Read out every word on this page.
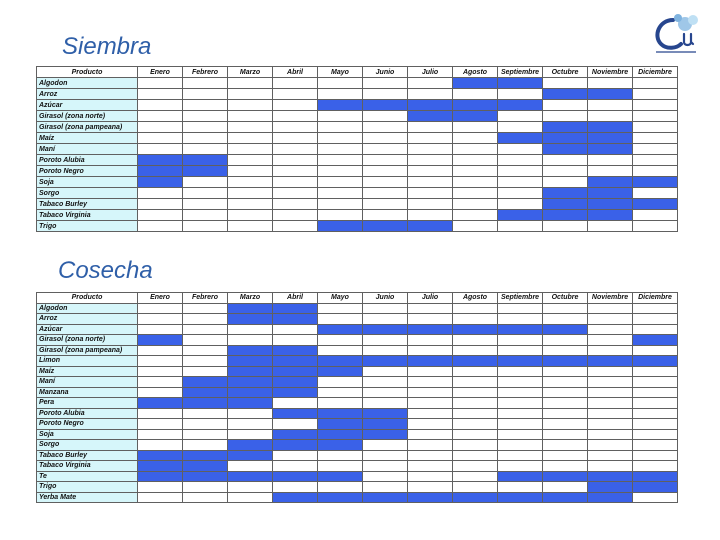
Siembra
Producto	Enero	Febrero	Marzo	Abril	Mayo	Junio	Julio	Agosto	Septiembre	Octubre	Noviembre	Diciembre
Algodon												
Arroz												
Azúcar												
Girasol (zona norte)												
Girasol (zona pampeana)												
Maíz												
Maní												
Poroto Alubia												
Poroto Negro												
Soja												
Sorgo												
Tabaco Burley												
Tabaco Virginia												
Trigo												
Cosecha
Producto	Enero	Febrero	Marzo	Abril	Mayo	Junio	Julio	Agosto	Septiembre	Octubre	Noviembre	Diciembre
Algodon												
Arroz												
Azúcar												
Girasol (zona norte)												
Girasol (zona pampeana)												
Limon												
Maíz												
Maní												
Manzana												
Pera												
Poroto Alubia												
Poroto Negro												
Soja												
Sorgo												
Tabaco Burley												
Tabaco Virginia												
Te												
Trigo												
Yerba Mate												
